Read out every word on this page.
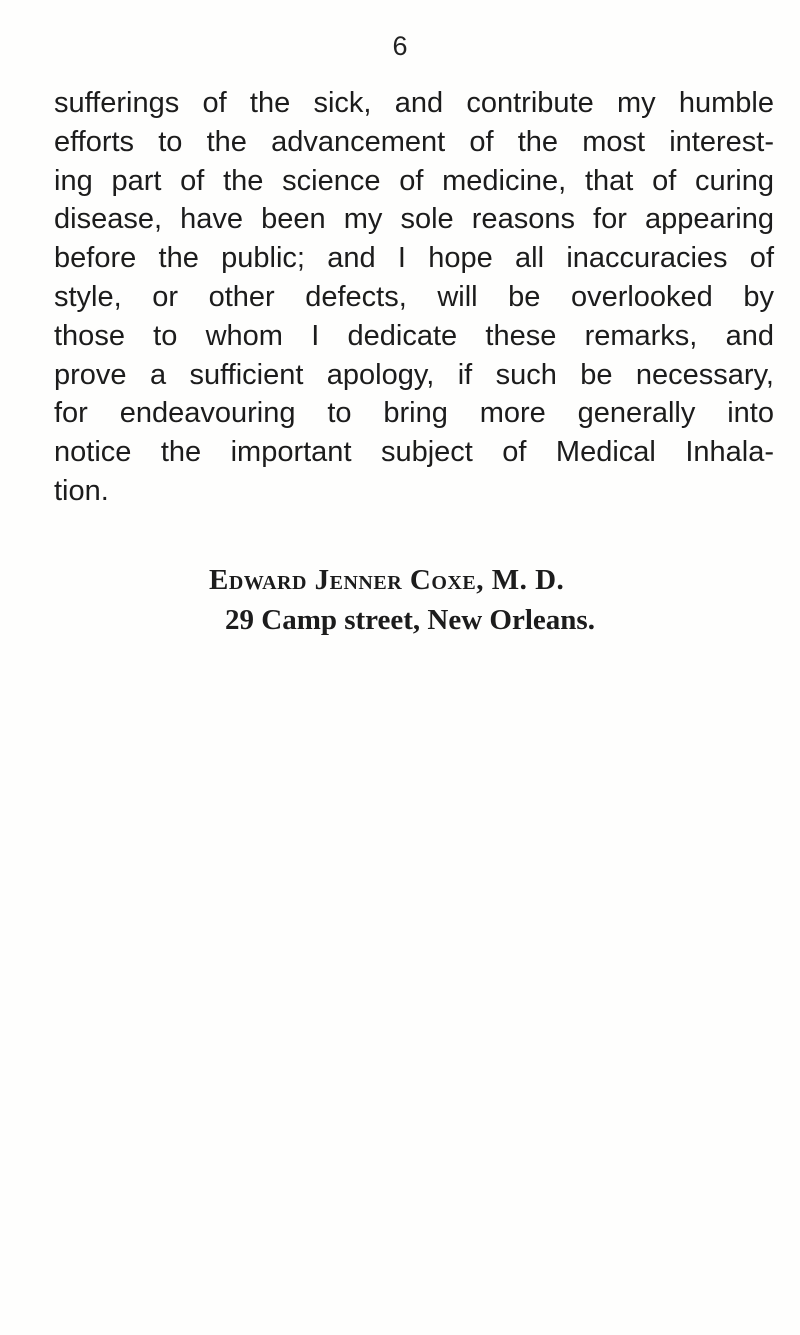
6
sufferings of the sick, and contribute my humble
efforts to the advancement of the most interest-
ing part of the science of medicine, that of curing
disease, have been my sole reasons for appearing
before the public; and I hope all inaccuracies of
style, or other defects, will be overlooked by
those to whom I dedicate these remarks, and
prove a sufficient apology, if such be necessary,
for endeavouring to bring more generally into
notice the important subject of Medical Inhala-
tion.
Edward Jenner Coxe, M. D.
29 Camp street, New Orleans.
